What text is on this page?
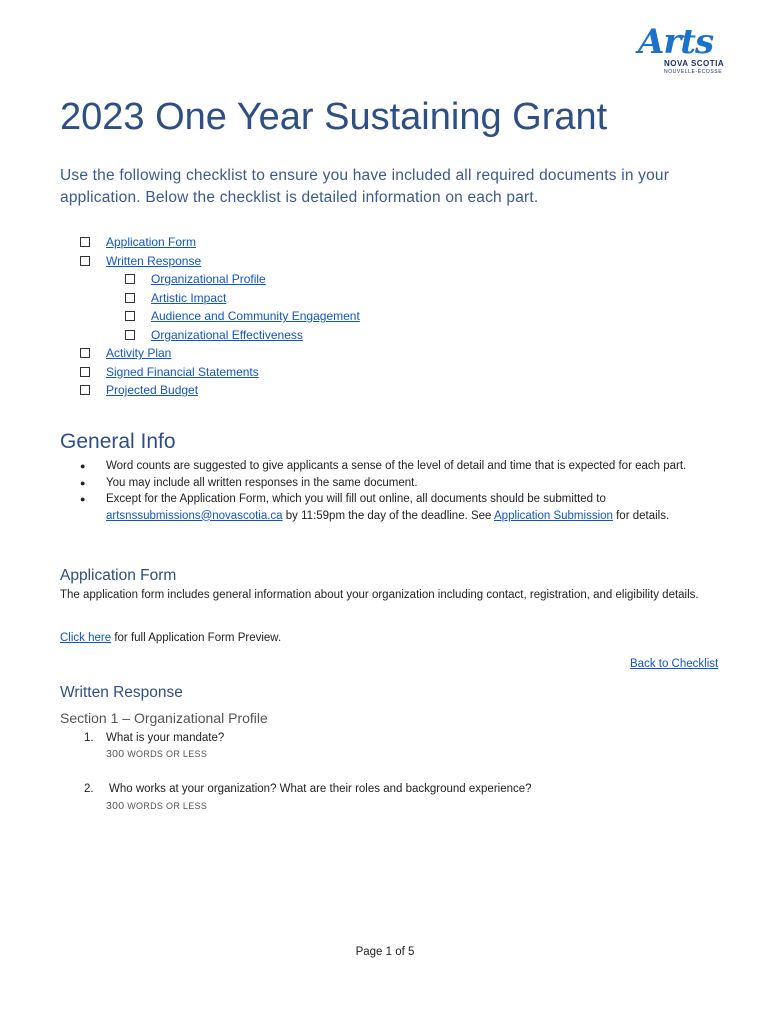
Arts
NOVA SCOTIA
NOUVELLE-ÉCOSSE
2023 One Year Sustaining Grant
Use the following checklist to ensure you have included all required documents in your application. Below the checklist is detailed information on each part.
Application Form
Written Response
Organizational Profile
Artistic Impact
Audience and Community Engagement
Organizational Effectiveness
Activity Plan
Signed Financial Statements
Projected Budget
General Info
●	Word counts are suggested to give applicants a sense of the level of detail and time that is expected for each part.
●	You may include all written responses in the same document.
●	Except for the Application Form, which you will fill out online, all documents should be submitted to
artsnssubmissions@novascotia.ca by 11:59pm the day of the deadline. See Application Submission for details.
Application Form
The application form includes general information about your organization including contact, registration, and eligibility details.
Click here for full Application Form Preview.
Back to Checklist
Written Response
Section 1 – Organizational Profile
1. What is your mandate?
300 WORDS OR LESS
2. Who works at your organization? What are their roles and background experience?
300 WORDS OR LESS
Page 1 of 5
